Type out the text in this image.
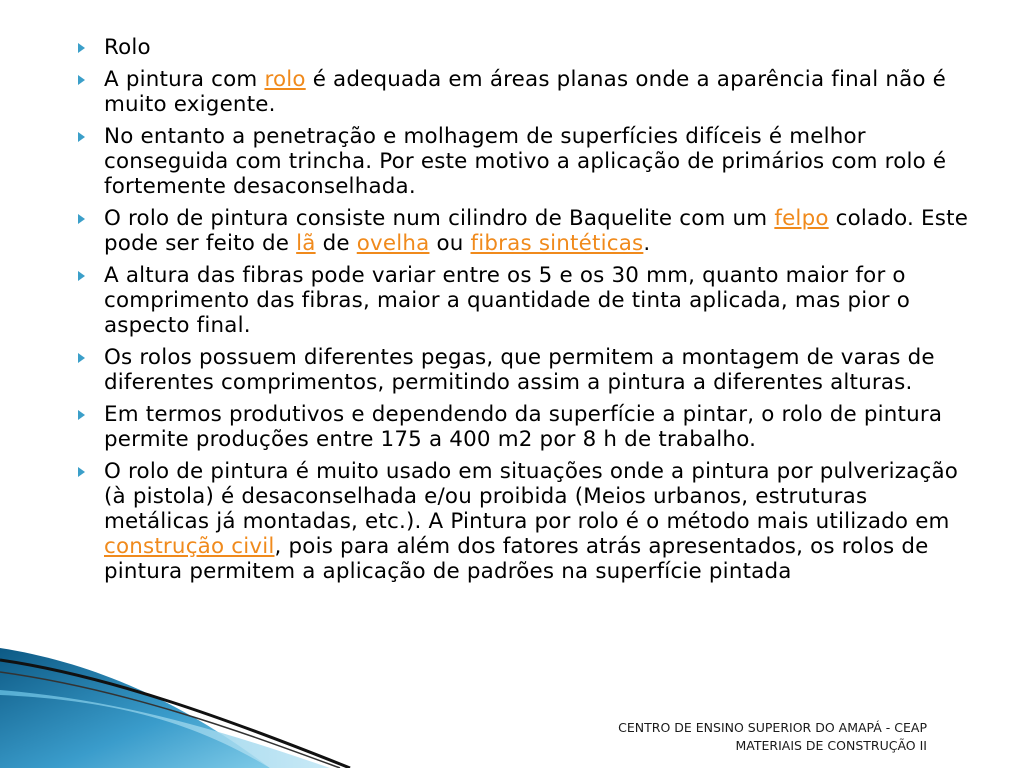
Rolo
A pintura com rolo é adequada em áreas planas onde a aparência final não é muito exigente.
No entanto a penetração e molhagem de superfícies difíceis é melhor conseguida com trincha. Por este motivo a aplicação de primários com rolo é fortemente desaconselhada.
O rolo de pintura consiste num cilindro de Baquelite com um felpo colado. Este pode ser feito de lã de ovelha ou fibras sintéticas.
A altura das fibras pode variar entre os 5 e os 30 mm, quanto maior for o comprimento das fibras, maior a quantidade de tinta aplicada, mas pior o aspecto final.
Os rolos possuem diferentes pegas, que permitem a montagem de varas de diferentes comprimentos, permitindo assim a pintura a diferentes alturas.
Em termos produtivos e dependendo da superfície a pintar, o rolo de pintura permite produções entre 175 a 400 m2 por 8 h de trabalho.
O rolo de pintura é muito usado em situações onde a pintura por pulverização (à pistola) é desaconselhada e/ou proibida (Meios urbanos, estruturas metálicas já montadas, etc.). A Pintura por rolo é o método mais utilizado em construção civil, pois para além dos fatores atrás apresentados, os rolos de pintura permitem a aplicação de padrões na superfície pintada
CENTRO DE ENSINO SUPERIOR DO AMAPÁ - CEAP
MATERIAIS DE CONSTRUÇÃO II
